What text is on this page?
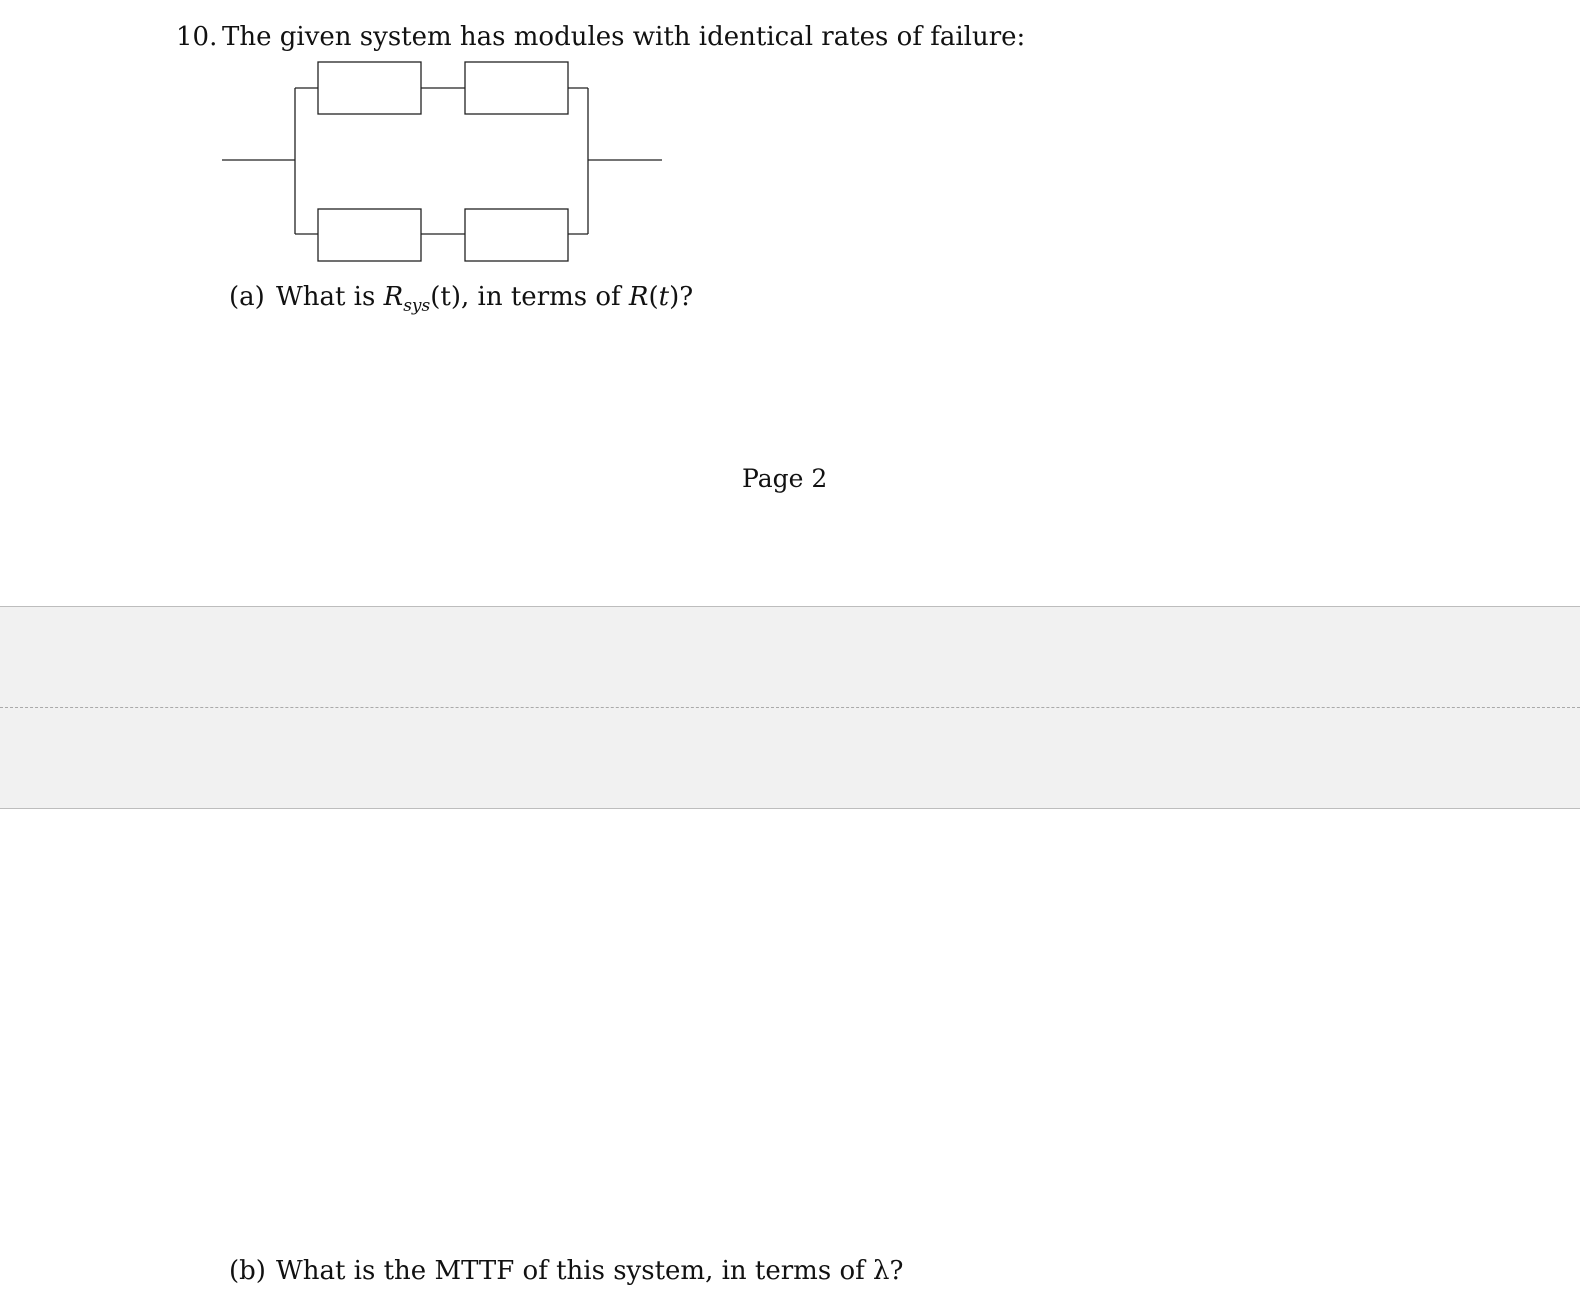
10. The given system has modules with identical rates of failure:
(a) What is $R_{sys}(t)$, in terms of R(t)?
Page 2
(b) What is the MTTF of this system, in terms of λ?
